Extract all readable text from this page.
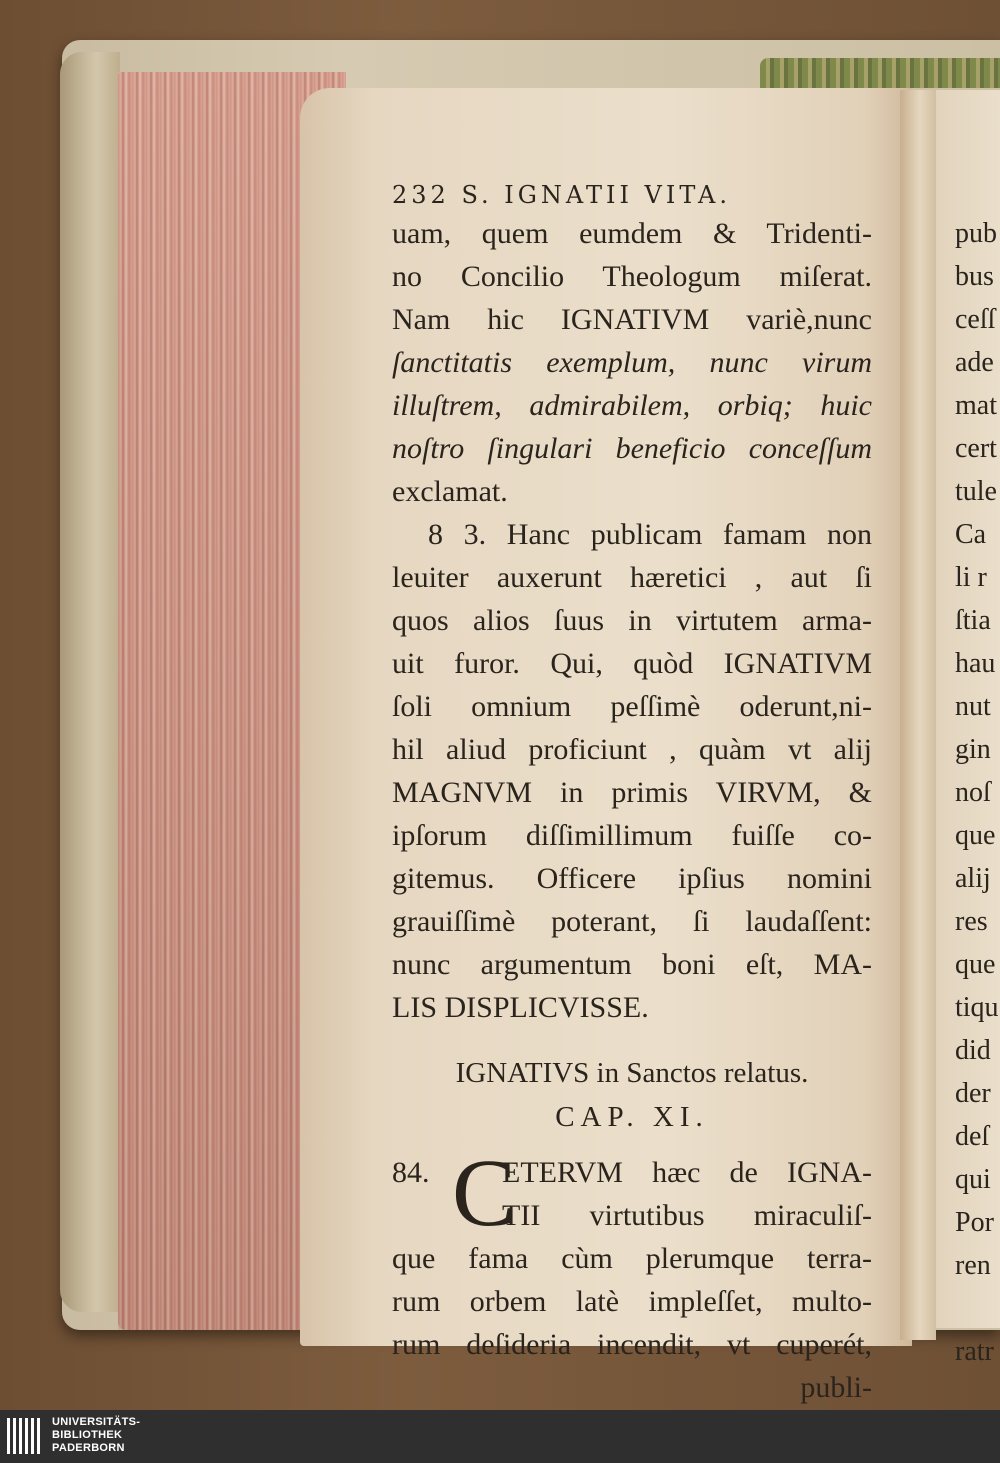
232 S. IGNATII VITA.
uam, quem eumdem & Tridenti-
no Concilio Theologum miſerat.
Nam hic IGNATIVM variè,nunc
ſanctitatis exemplum, nunc virum
illuſtrem, admirabilem, orbiq; huic
noſtro ſingulari beneficio conceſſum
exclamat.
8 3. Hanc publicam famam non
leuiter auxerunt hæretici , aut ſi
quos alios ſuus in virtutem arma-
uit furor. Qui, quòd IGNATIVM
ſoli omnium peſſimè oderunt,ni-
hil aliud proficiunt , quàm vt alij
MAGNVM in primis VIRVM, &
ipſorum diſſimillimum fuiſſe co-
gitemus. Officere ipſius nomini
grauiſſimè poterant, ſi laudaſſent:
nunc argumentum boni eſt, MA-
LIS DISPLICVISSE.
IGNATIVS in Sanctos relatus.
CAP. XI.
84. C
ETERVM hæc de IGNA-
TII virtutibus miraculiſ-
que fama cùm plerumque terra-
rum orbem latè impleſſet, multo-
rum deſideria incendit, vt cuperét,
publi-
pub
bus
ceſſ
ade
mat
cert
tule
Ca
li r
ſtia
hau
nut
gin
noſ
que
alij
res
que
tiqu
did
der
deſ
qui
Por
ren
ratr
UNIVERSITÄTS-
BIBLIOTHEK
PADERBORN
